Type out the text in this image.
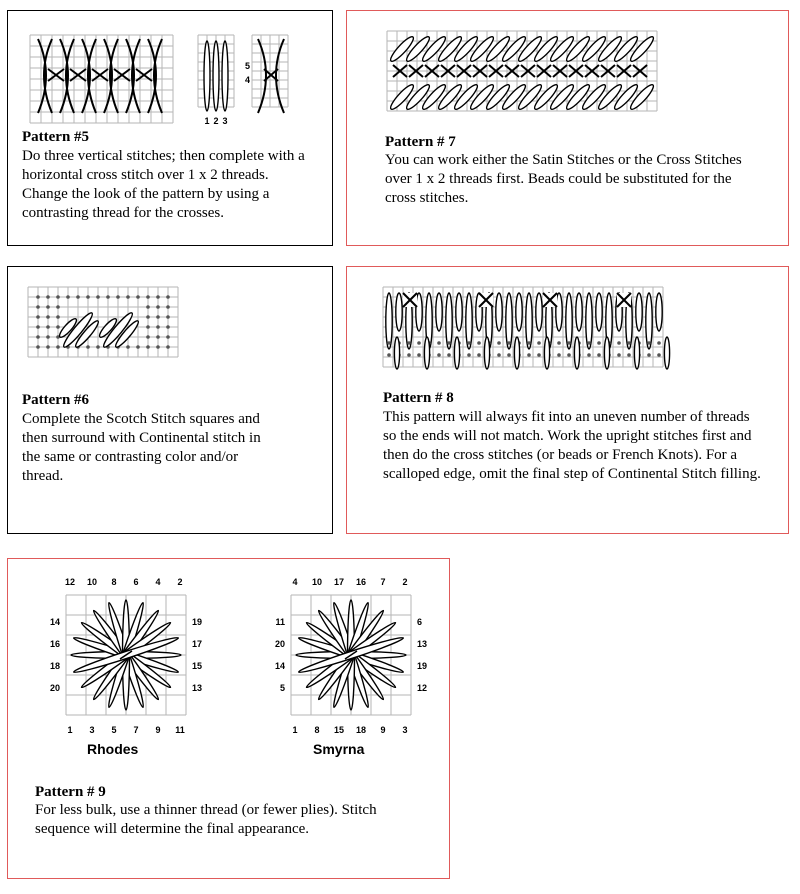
1 2 3
5
4
Pattern #5
Do three vertical stitches; then complete with a horizontal cross stitch over 1 x 2 threads. Change the look of the pattern by using a contrasting thread for the crosses.
Pattern # 7
You can work either the Satin Stitches or the Cross Stitches over 1 x 2 threads first. Beads could be substituted for the cross stitches.
Pattern #6
Complete the Scotch Stitch squares and then surround with Continental stitch in the same or contrasting color and/or thread.
Pattern # 8
This pattern will always fit into an uneven number of threads so the ends will not match. Work the upright stitches first and then do the cross stitches (or beads or French Knots). For a scalloped edge, omit the final step of Continental Stitch filling.
12 10 8 6 4 2
14
16
18
20
19
17
15
13
1 3 5 7 9 11
4 10 17 16 7 2
11
20
14
5
6
13
19
12
1 8 15 18 9 3
Rhodes	Smyrna
Pattern # 9
For less bulk, use a thinner thread (or fewer plies). Stitch sequence will determine the final appearance.
